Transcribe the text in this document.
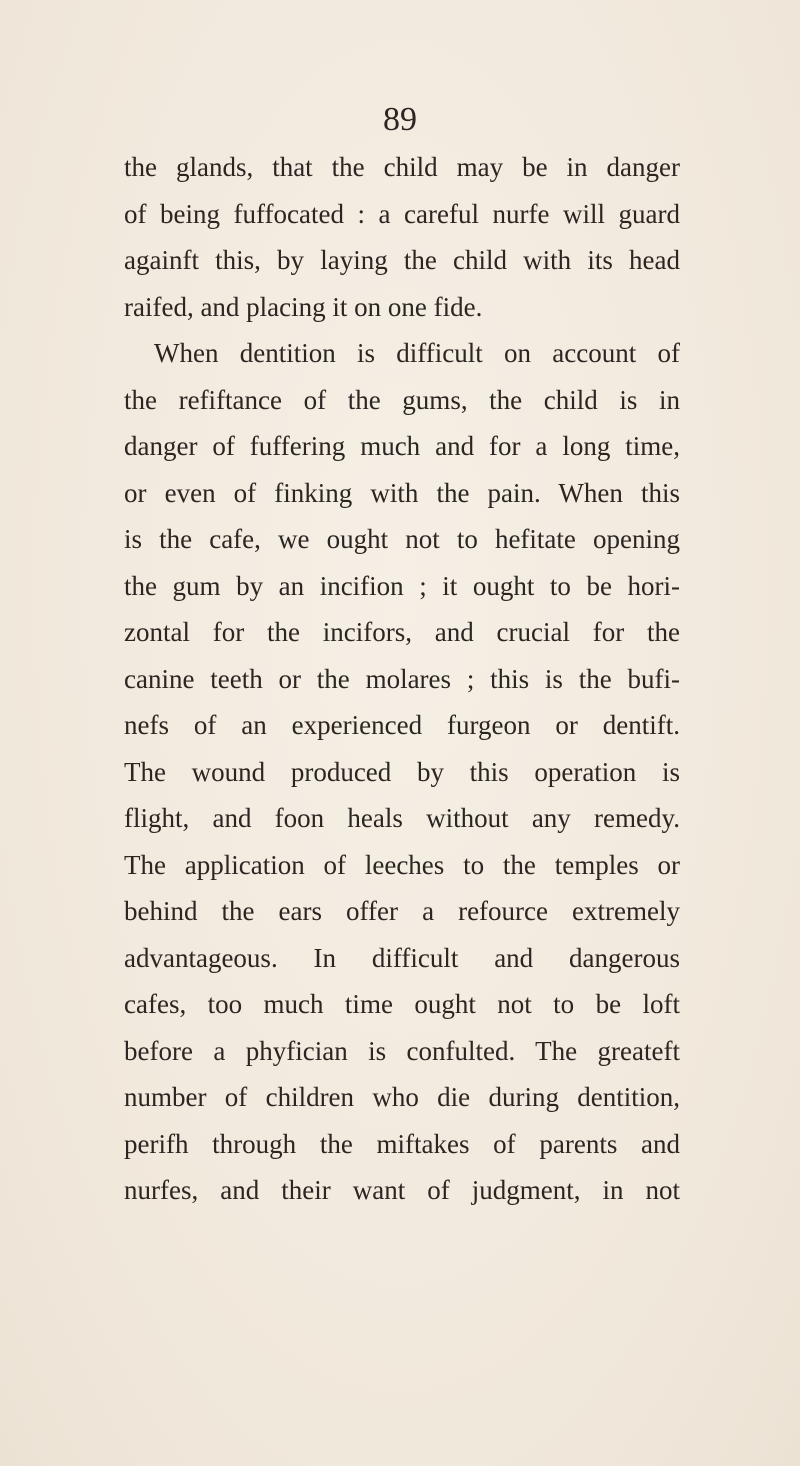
89
the glands, that the child may be in danger
of being fuffocated : a careful nurfe will guard
againft this, by laying the child with its head
raifed, and placing it on one fide.
When dentition is difficult on account of
the refiftance of the gums, the child is in
danger of fuffering much and for a long time,
or even of finking with the pain. When this
is the cafe, we ought not to hefitate opening
the gum by an incifion ; it ought to be hori-
zontal for the incifors, and crucial for the
canine teeth or the molares ; this is the bufi-
nefs of an experienced furgeon or dentift.
The wound produced by this operation is
flight, and foon heals without any remedy.
The application of leeches to the temples or
behind the ears offer a refource extremely
advantageous. In difficult and dangerous
cafes, too much time ought not to be loft
before a phyfician is confulted. The greateft
number of children who die during dentition,
perifh through the miftakes of parents and
nurfes, and their want of judgment, in not
